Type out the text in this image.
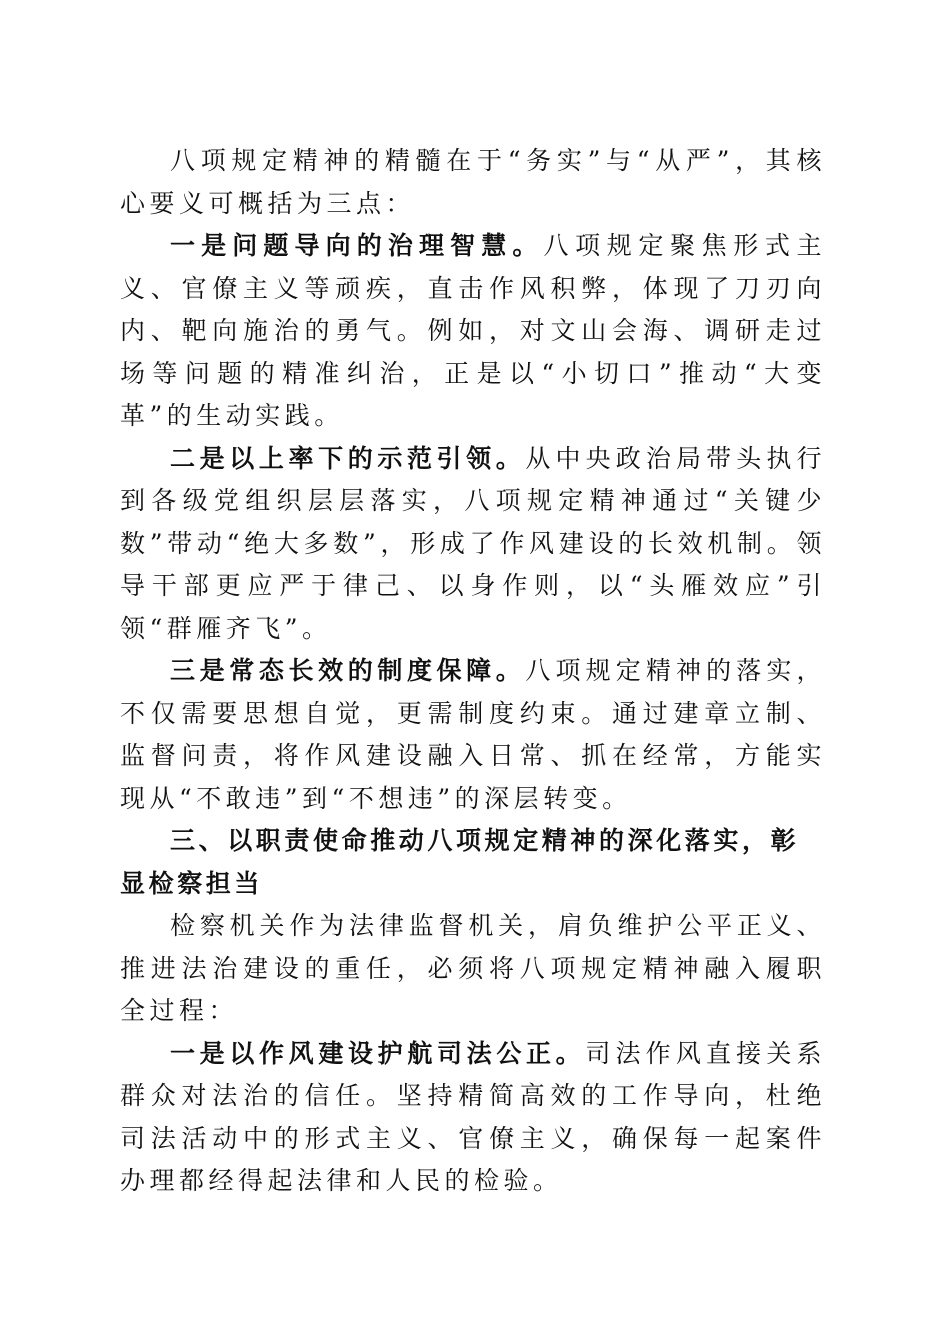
八项规定精神的精髓在于“务实”与“从严”，其核心要义可概括为三点：

一是问题导向的治理智慧。八项规定聚焦形式主义、官僚主义等顽疾，直击作风积弊，体现了刀刃向内、靶向施治的勇气。例如，对文山会海、调研走过场等问题的精准纠治，正是以“小切口”推动“大变革”的生动实践。

二是以上率下的示范引领。从中央政治局带头执行到各级党组织层层落实，八项规定精神通过“关键少数”带动“绝大多数”，形成了作风建设的长效机制。领导干部更应严于律己、以身作则，以“头雁效应”引领“群雁齐飞”。

三是常态长效的制度保障。八项规定精神的落实，不仅需要思想自觉，更需制度约束。通过建章立制、监督问责，将作风建设融入日常、抓在经常，方能实现从“不敢违”到“不想违”的深层转变。

三、以职责使命推动八项规定精神的深化落实，彰显检察担当

检察机关作为法律监督机关，肩负维护公平正义、推进法治建设的重任，必须将八项规定精神融入履职全过程：

一是以作风建设护航司法公正。司法作风直接关系群众对法治的信任。坚持精简高效的工作导向，杜绝司法活动中的形式主义、官僚主义，确保每一起案件办理都经得起法律和人民的检验。
